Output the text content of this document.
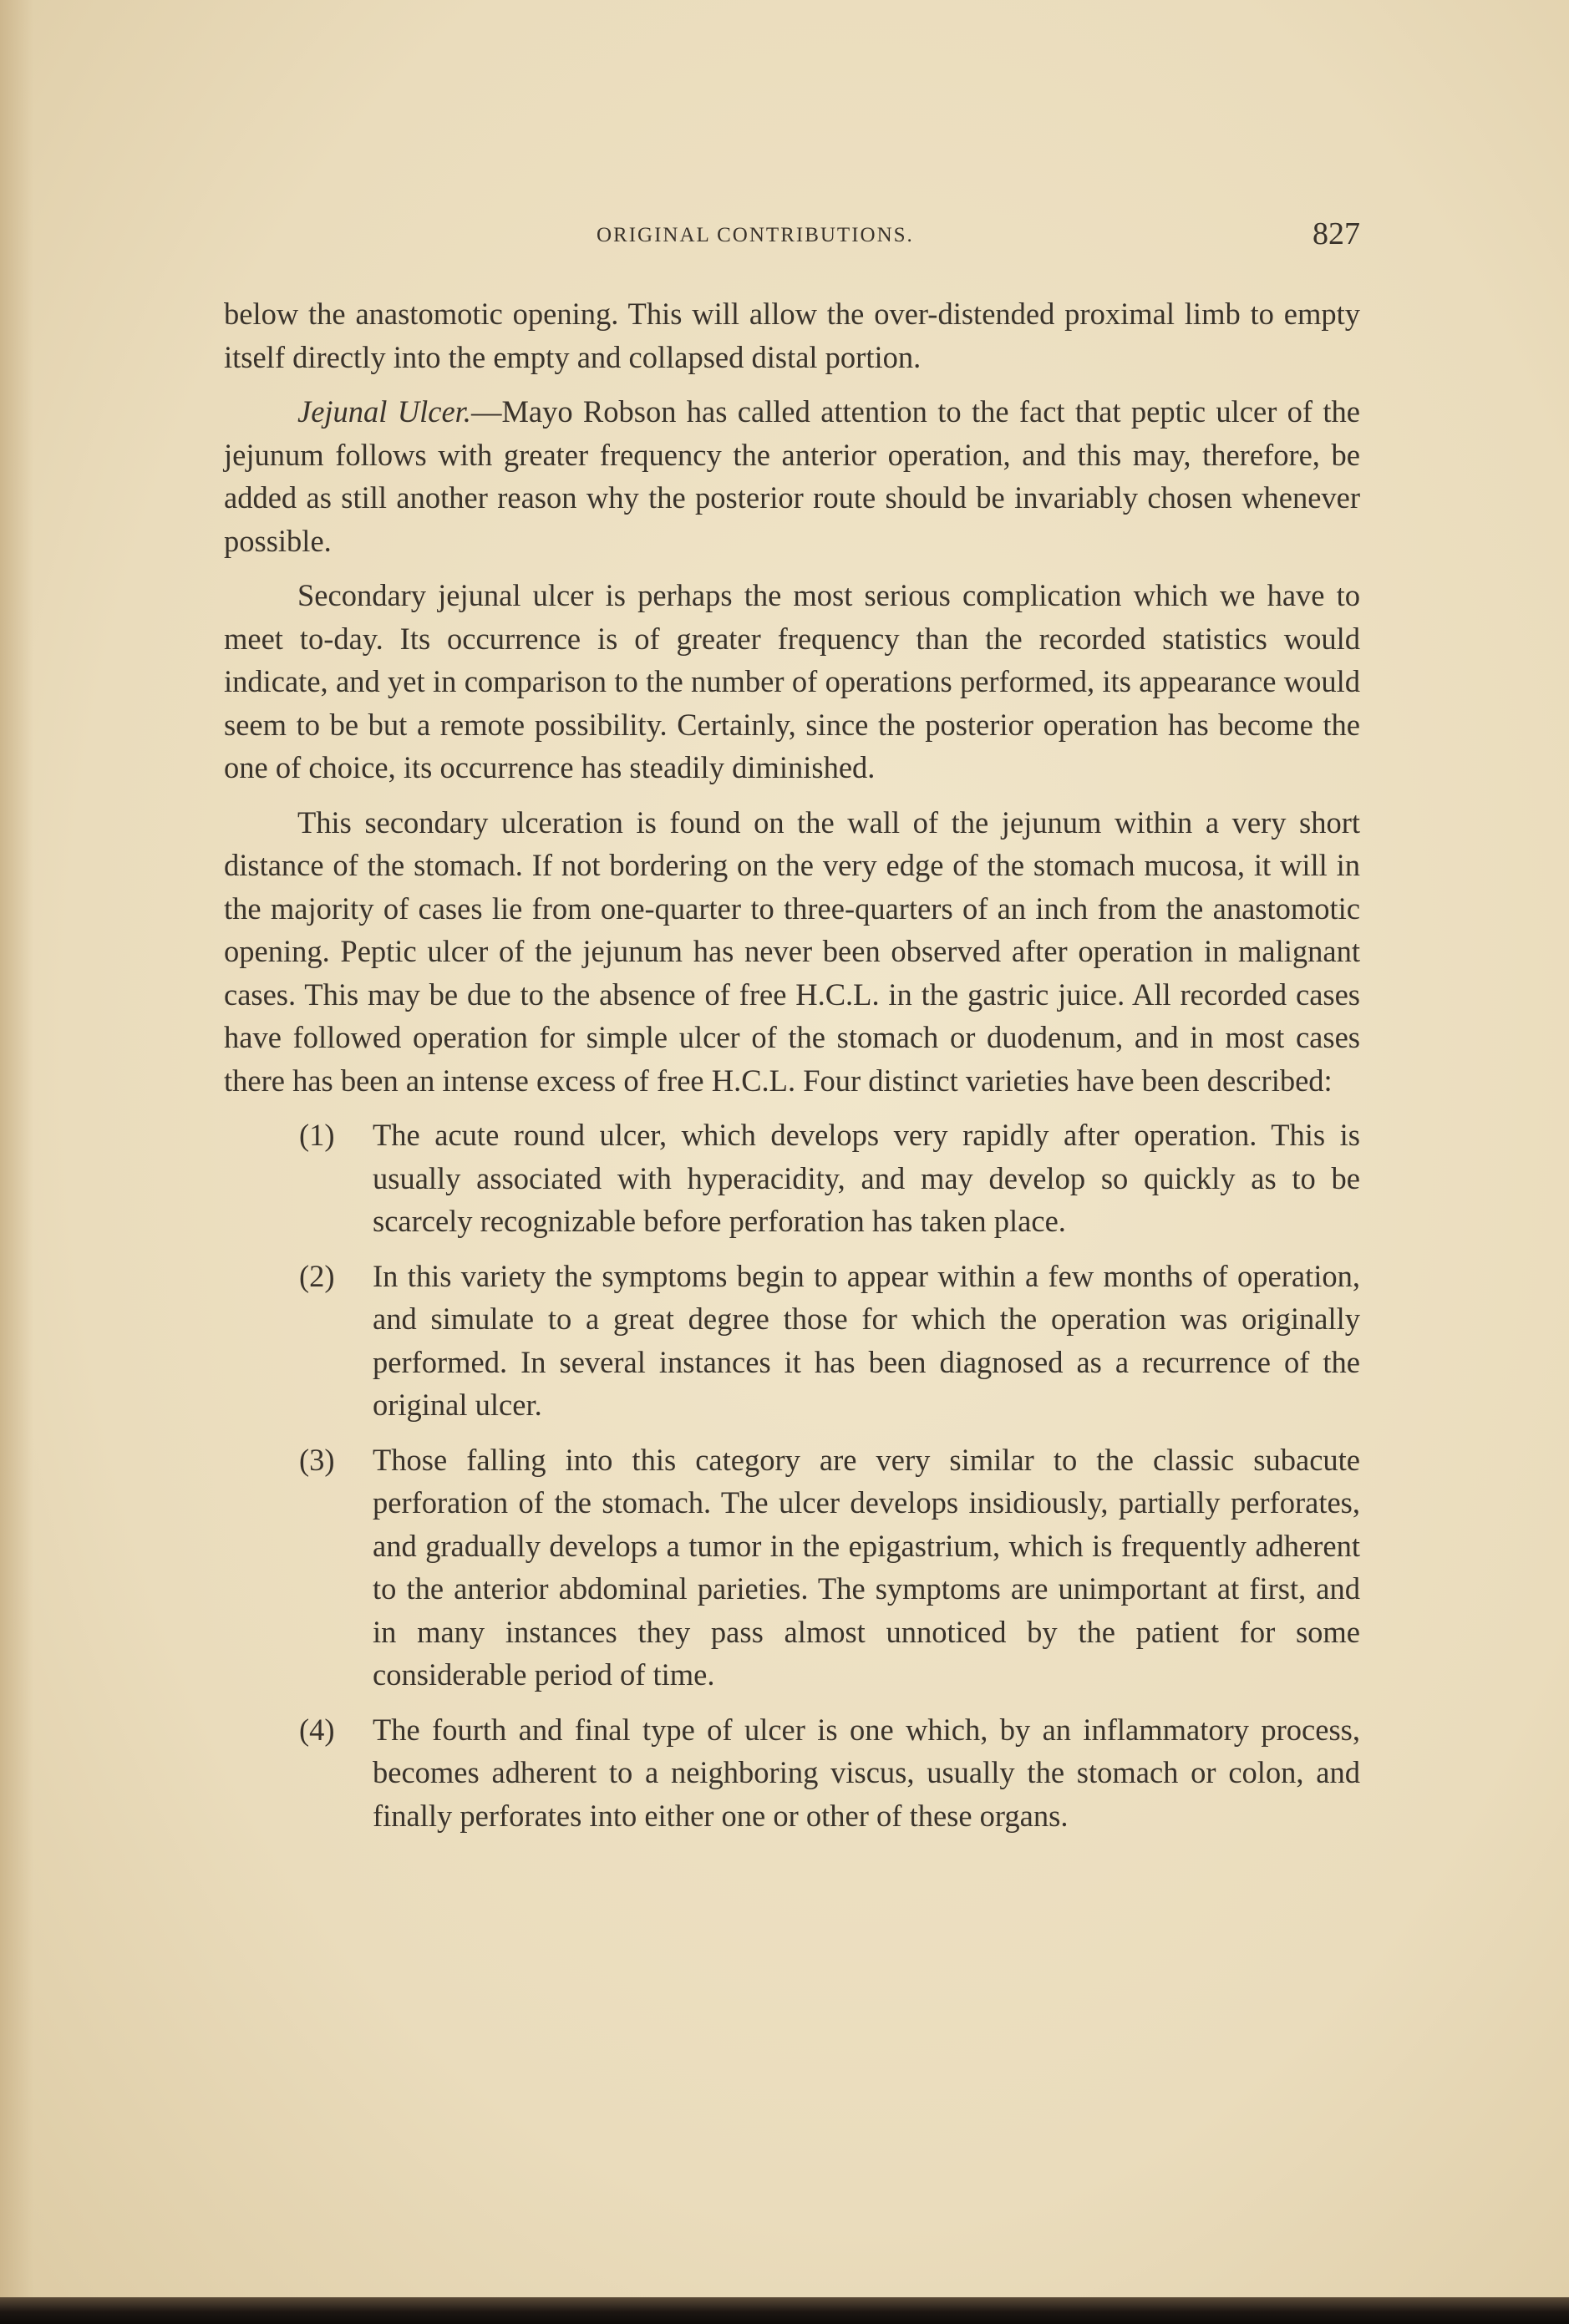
ORIGINAL CONTRIBUTIONS.	827

below the anastomotic opening. This will allow the over-distended proximal limb to empty itself directly into the empty and collapsed distal portion.

Jejunal Ulcer.—Mayo Robson has called attention to the fact that peptic ulcer of the jejunum follows with greater frequency the anterior operation, and this may, therefore, be added as still another reason why the posterior route should be invariably chosen whenever possible.

Secondary jejunal ulcer is perhaps the most serious complication which we have to meet to-day. Its occurrence is of greater frequency than the recorded statistics would indicate, and yet in comparison to the number of operations performed, its appearance would seem to be but a remote possibility. Certainly, since the posterior operation has become the one of choice, its occurrence has steadily diminished.

This secondary ulceration is found on the wall of the jejunum within a very short distance of the stomach. If not bordering on the very edge of the stomach mucosa, it will in the majority of cases lie from one-quarter to three-quarters of an inch from the anastomotic opening. Peptic ulcer of the jejunum has never been observed after operation in malignant cases. This may be due to the absence of free H.C.L. in the gastric juice. All recorded cases have followed operation for simple ulcer of the stomach or duodenum, and in most cases there has been an intense excess of free H.C.L. Four distinct varieties have been described:

(1) The acute round ulcer, which develops very rapidly after operation. This is usually associated with hyperacidity, and may develop so quickly as to be scarcely recognizable before perforation has taken place.
(2) In this variety the symptoms begin to appear within a few months of operation, and simulate to a great degree those for which the operation was originally performed. In several instances it has been diagnosed as a recurrence of the original ulcer.
(3) Those falling into this category are very similar to the classic subacute perforation of the stomach. The ulcer develops insidiously, partially perforates, and gradually develops a tumor in the epigastrium, which is frequently adherent to the anterior abdominal parieties. The symptoms are unimportant at first, and in many instances they pass almost unnoticed by the patient for some considerable period of time.
(4) The fourth and final type of ulcer is one which, by an inflammatory process, becomes adherent to a neighboring viscus, usually the stomach or colon, and finally perforates into either one or other of these organs.
